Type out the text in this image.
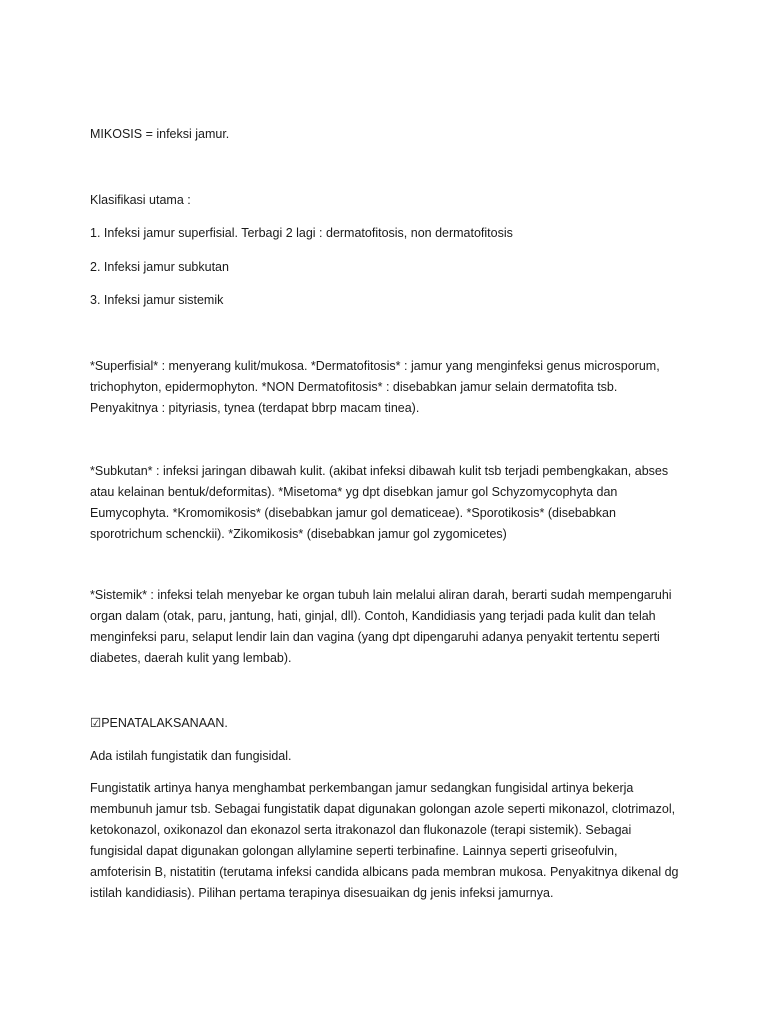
MIKOSIS = infeksi jamur.

Klasifikasi utama :

1. Infeksi jamur superfisial. Terbagi 2 lagi : dermatofitosis, non dermatofitosis

2. Infeksi jamur subkutan

3. Infeksi jamur sistemik

*Superfisial* : menyerang kulit/mukosa. *Dermatofitosis* : jamur yang menginfeksi genus microsporum, trichophyton, epidermophyton. *NON Dermatofitosis* : disebabkan jamur selain dermatofita tsb. Penyakitnya : pityriasis, tynea (terdapat bbrp macam tinea).

*Subkutan* : infeksi jaringan dibawah kulit. (akibat infeksi dibawah kulit tsb terjadi pembengkakan, abses atau kelainan bentuk/deformitas). *Misetoma* yg dpt disebkan jamur gol Schyzomycophyta dan Eumycophyta. *Kromomikosis* (disebabkan jamur gol dematiceae). *Sporotikosis* (disebabkan sporotrichum schenckii). *Zikomikosis* (disebabkan jamur gol zygomicetes)

*Sistemik* : infeksi telah menyebar ke organ tubuh lain melalui aliran darah, berarti sudah mempengaruhi organ dalam (otak, paru, jantung, hati, ginjal, dll). Contoh, Kandidiasis yang terjadi pada kulit dan telah menginfeksi paru, selaput lendir lain dan vagina (yang dpt dipengaruhi adanya penyakit tertentu seperti diabetes, daerah kulit yang lembab).

☑PENATALAKSANAAN.

Ada istilah fungistatik dan fungisidal.

Fungistatik artinya hanya menghambat perkembangan jamur sedangkan fungisidal artinya bekerja membunuh jamur tsb. Sebagai fungistatik dapat digunakan golongan azole seperti mikonazol, clotrimazol, ketokonazol, oxikonazol dan ekonazol serta itrakonazol dan flukonazole (terapi sistemik). Sebagai fungisidal dapat digunakan golongan allylamine seperti terbinafine. Lainnya seperti griseofulvin, amfoterisin B, nistatitin (terutama infeksi candida albicans pada membran mukosa. Penyakitnya dikenal dg istilah kandidiasis). Pilihan pertama terapinya disesuaikan dg jenis infeksi jamurnya.
